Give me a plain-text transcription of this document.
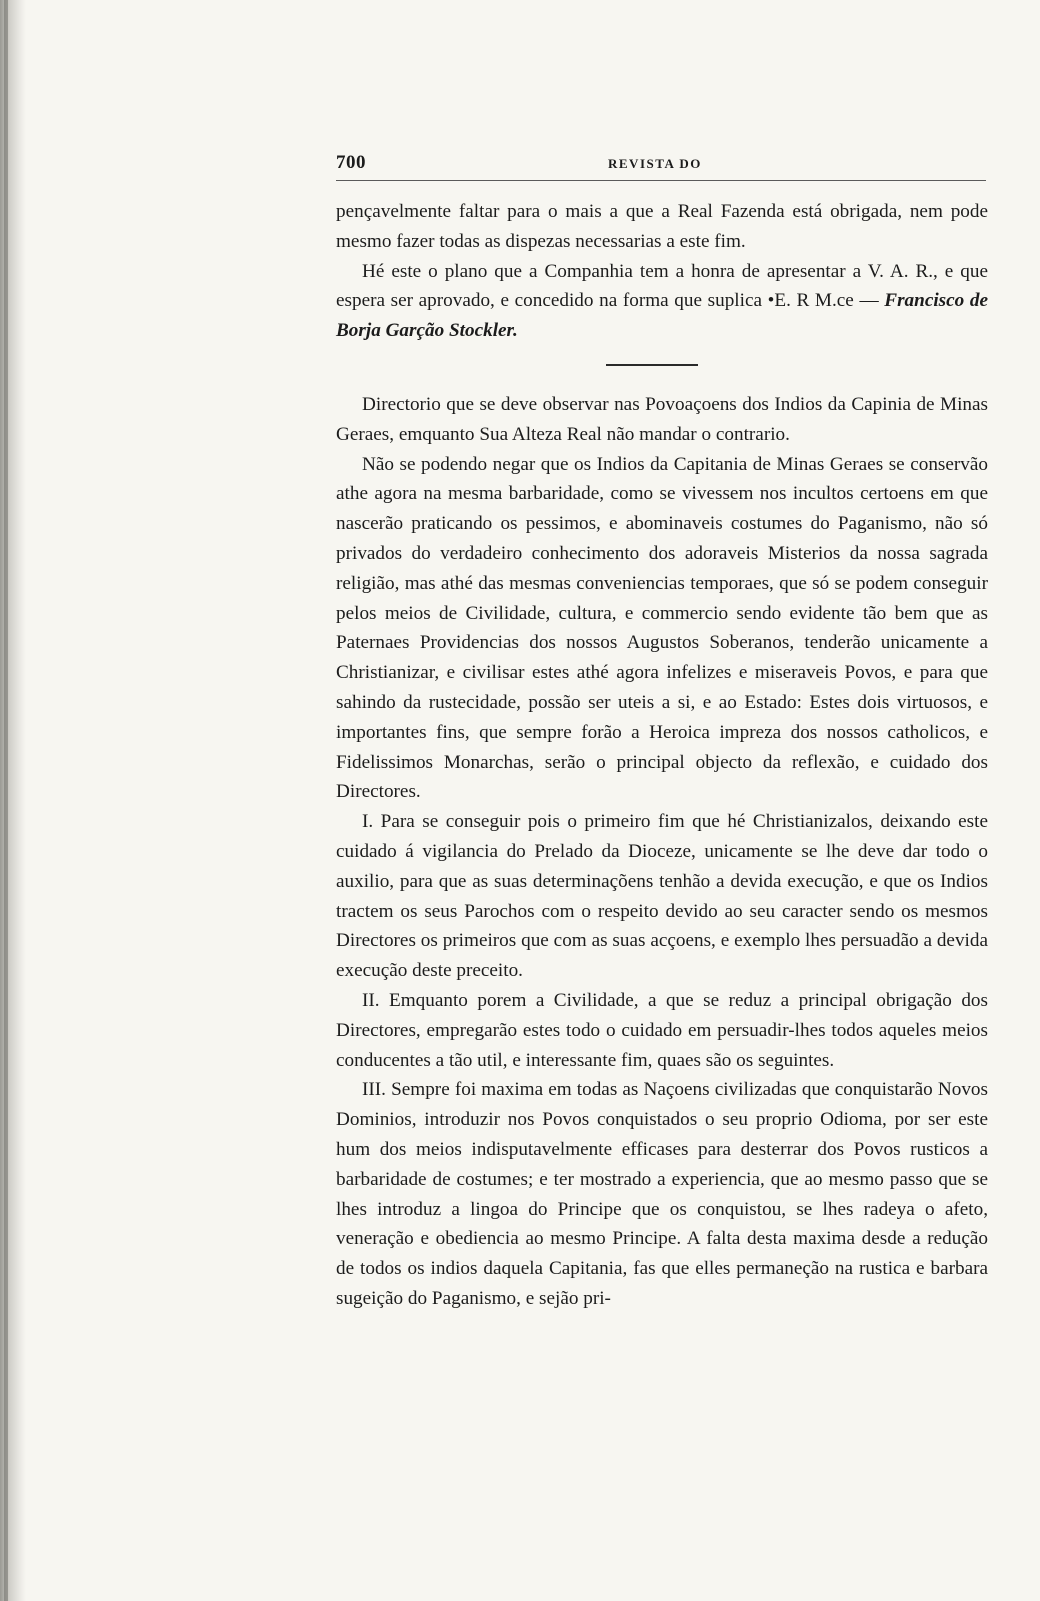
700	REVISTA DO

pençavelmente faltar para o mais a que a Real Fazenda está obrigada, nem pode mesmo fazer todas as dispezas necessarias a este fim.

Hé este o plano que a Companhia tem a honra de apresentar a V. A. R., e que espera ser aprovado, e concedido na forma que suplica •E. R M.ce — Francisco de Borja Garção Stockler.

Directorio que se deve observar nas Povoaçoens dos Indios da Capinia de Minas Geraes, emquanto Sua Alteza Real não mandar o contrario.

Não se podendo negar que os Indios da Capitania de Minas Geraes se conservão athe agora na mesma barbaridade, como se vivessem nos incultos certoens em que nascerão praticando os pessimos, e abominaveis costumes do Paganismo, não só privados do verdadeiro conhecimento dos adoraveis Misterios da nossa sagrada religião, mas athé das mesmas conveniencias temporaes, que só se podem conseguir pelos meios de Civilidade, cultura, e commercio sendo evidente tão bem que as Paternaes Providencias dos nossos Augustos Soberanos, tenderão unicamente a Christianizar, e civilisar estes athé agora infelizes e miseraveis Povos, e para que sahindo da rustecidade, possão ser uteis a si, e ao Estado: Estes dois virtuosos, e importantes fins, que sempre forão a Heroica impreza dos nossos catholicos, e Fidelissimos Monarchas, serão o principal objecto da reflexão, e cuidado dos Directores.

I. Para se conseguir pois o primeiro fim que hé Christianizalos, deixando este cuidado á vigilancia do Prelado da Dioceze, unicamente se lhe deve dar todo o auxilio, para que as suas determinaçõens tenhão a devida execução, e que os Indios tractem os seus Parochos com o respeito devido ao seu caracter sendo os mesmos Directores os primeiros que com as suas acçoens, e exemplo lhes persuadão a devida execução deste preceito.

II. Emquanto porem a Civilidade, a que se reduz a principal obrigação dos Directores, empregarão estes todo o cuidado em persuadir-lhes todos aqueles meios conducentes a tão util, e interessante fim, quaes são os seguintes.

III. Sempre foi maxima em todas as Naçoens civilizadas que conquistarão Novos Dominios, introduzir nos Povos conquistados o seu proprio Odioma, por ser este hum dos meios indisputavelmente efficases para desterrar dos Povos rusticos a barbaridade de costumes; e ter mostrado a experiencia, que ao mesmo passo que se lhes introduz a lingoa do Principe que os conquistou, se lhes radeya o afeto, veneração e obediencia ao mesmo Principe. A falta desta maxima desde a redução de todos os indios daquela Capitania, fas que elles permaneção na rustica e barbara sugeição do Paganismo, e sejão pri-
